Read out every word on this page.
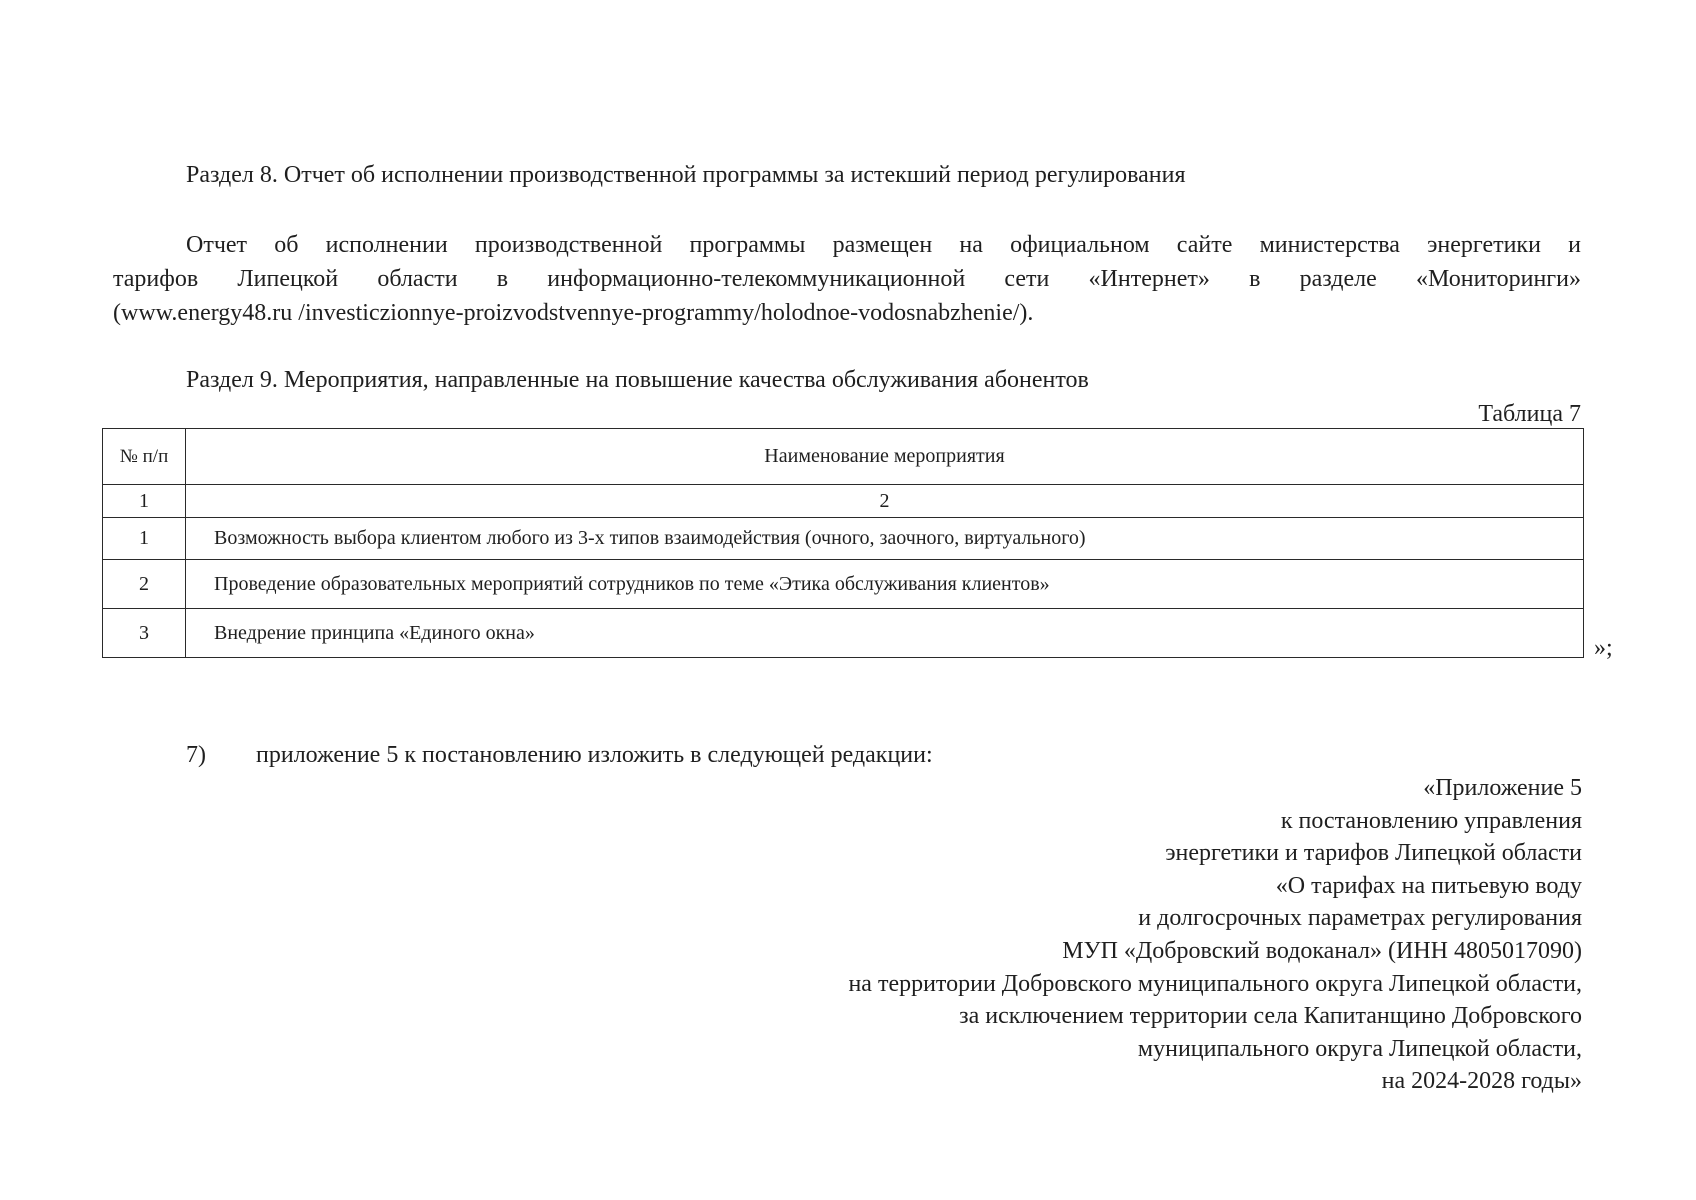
Раздел 8. Отчет об исполнении производственной программы за истекший период регулирования
Отчет об исполнении производственной программы размещен на официальном сайте министерства энергетики и
тарифов Липецкой области в информационно-телекоммуникационной сети «Интернет» в разделе «Мониторинги»
(www.energy48.ru /investiczionnye-proizvodstvennye-programmy/holodnoe-vodosnabzhenie/).
Раздел 9. Мероприятия, направленные на повышение качества обслуживания абонентов
Таблица 7
№ п/п	Наименование мероприятия
1	2
1	Возможность выбора клиентом любого из 3-х типов взаимодействия (очного, заочного, виртуального)
2	Проведение образовательных мероприятий сотрудников по теме «Этика обслуживания клиентов»
3	Внедрение принципа «Единого окна»
»;
7) приложение 5 к постановлению изложить в следующей редакции:
«Приложение 5
к постановлению управления
энергетики и тарифов Липецкой области
«О тарифах на питьевую воду
и долгосрочных параметрах регулирования
МУП «Добровский водоканал» (ИНН 4805017090)
на территории Добровского муниципального округа Липецкой области,
за исключением территории села Капитанщино Добровского
муниципального округа Липецкой области,
на 2024-2028 годы»
